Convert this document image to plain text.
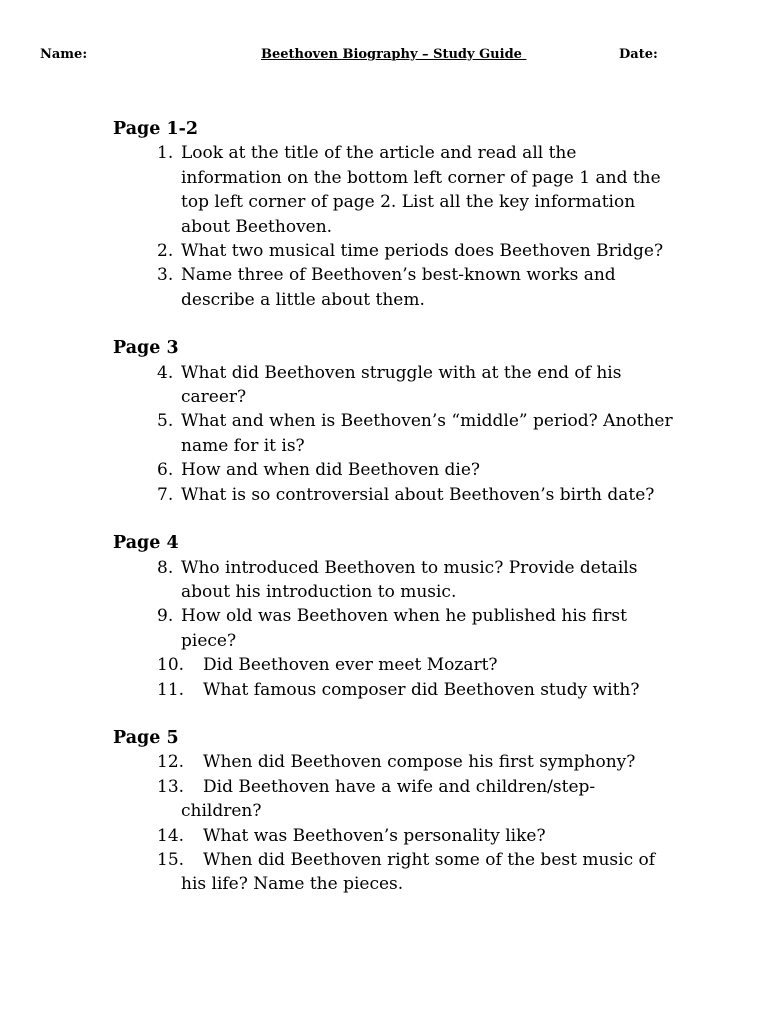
Name:	Beethoven Biography – Study Guide	Date:
Page 1-2
1. Look at the title of the article and read all the information on the bottom left corner of page 1 and the top left corner of page 2. List all the key information about Beethoven.
2. What two musical time periods does Beethoven Bridge?
3. Name three of Beethoven’s best-known works and describe a little about them.
Page 3
4. What did Beethoven struggle with at the end of his career?
5. What and when is Beethoven’s “middle” period? Another name for it is?
6. How and when did Beethoven die?
7. What is so controversial about Beethoven’s birth date?
Page 4
8. Who introduced Beethoven to music? Provide details about his introduction to music.
9. How old was Beethoven when he published his first piece?
10. Did Beethoven ever meet Mozart?
11. What famous composer did Beethoven study with?
Page 5
12. When did Beethoven compose his first symphony?
13. Did Beethoven have a wife and children/step-children?
14. What was Beethoven’s personality like?
15. When did Beethoven right some of the best music of his life? Name the pieces.
